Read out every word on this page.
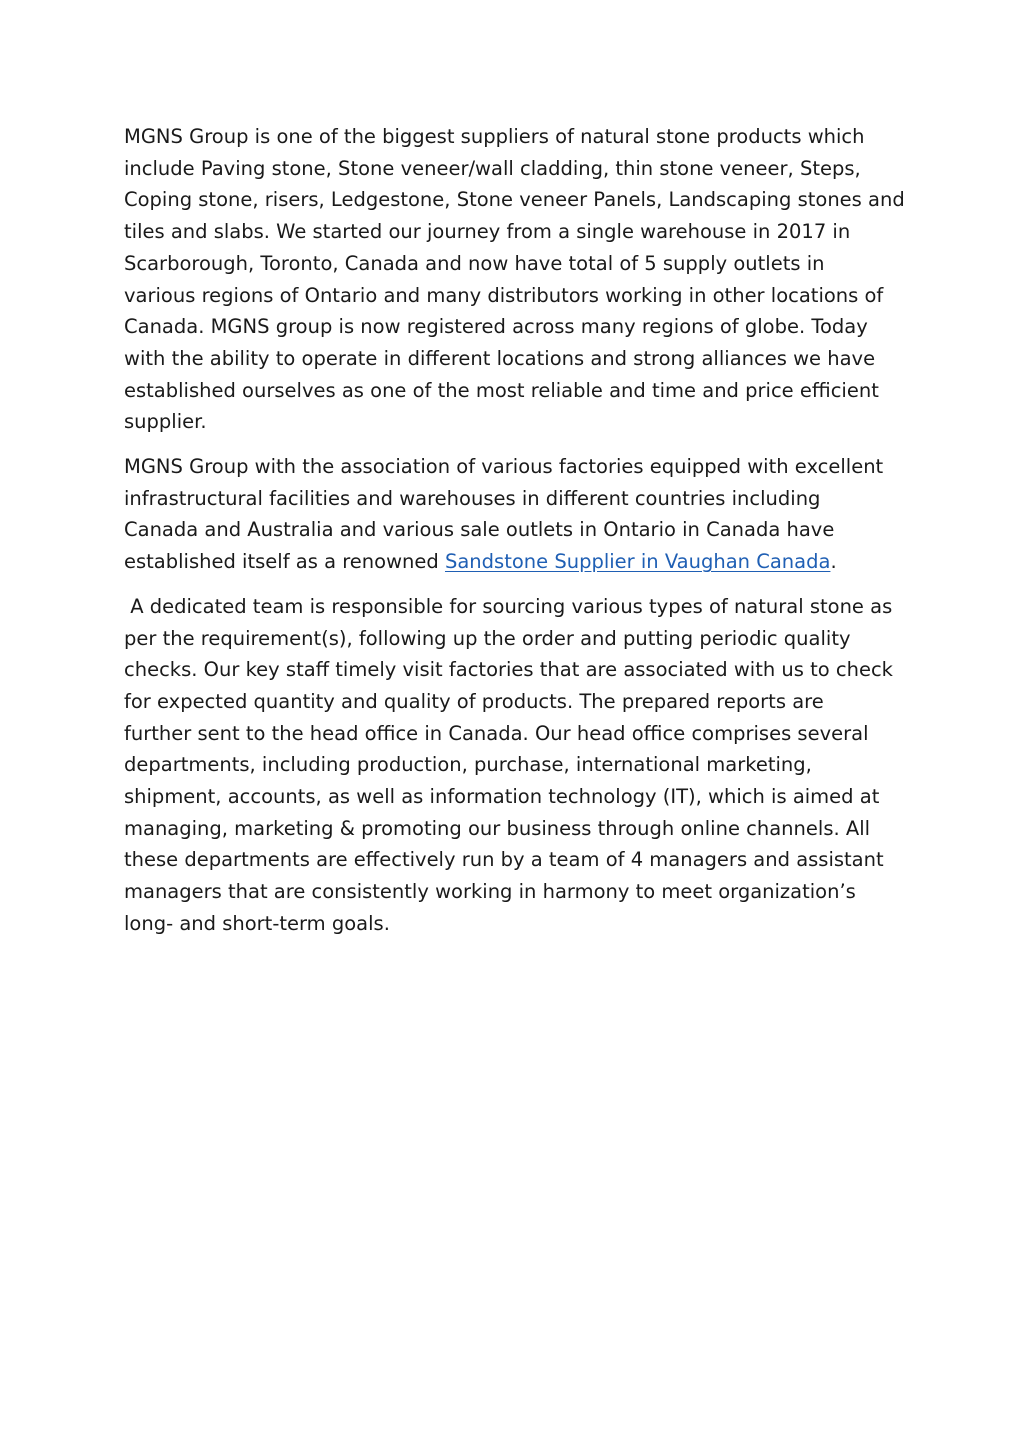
MGNS Group is one of the biggest suppliers of natural stone products which
include Paving stone, Stone veneer/wall cladding, thin stone veneer, Steps,
Coping stone, risers, Ledgestone, Stone veneer Panels, Landscaping stones and
tiles and slabs. We started our journey from a single warehouse in 2017 in
Scarborough, Toronto, Canada and now have total of 5 supply outlets in
various regions of Ontario and many distributors working in other locations of
Canada. MGNS group is now registered across many regions of globe. Today
with the ability to operate in different locations and strong alliances we have
established ourselves as one of the most reliable and time and price efficient
supplier.

MGNS Group with the association of various factories equipped with excellent
infrastructural facilities and warehouses in different countries including
Canada and Australia and various sale outlets in Ontario in Canada have
established itself as a renowned Sandstone Supplier in Vaughan Canada.

A dedicated team is responsible for sourcing various types of natural stone as
per the requirement(s), following up the order and putting periodic quality
checks. Our key staff timely visit factories that are associated with us to check
for expected quantity and quality of products. The prepared reports are
further sent to the head office in Canada. Our head office comprises several
departments, including production, purchase, international marketing,
shipment, accounts, as well as information technology (IT), which is aimed at
managing, marketing & promoting our business through online channels. All
these departments are effectively run by a team of 4 managers and assistant
managers that are consistently working in harmony to meet organization’s
long- and short-term goals.
